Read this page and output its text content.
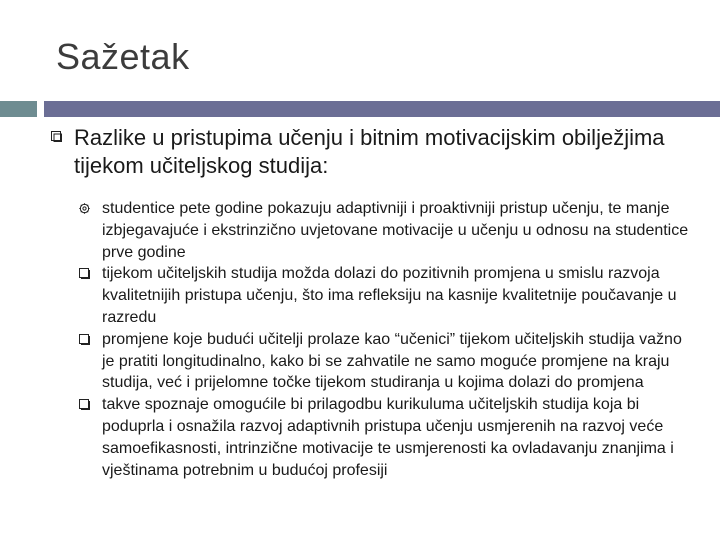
Sažetak
Razlike u pristupima učenju i bitnim motivacijskim obilježjima tijekom učiteljskog studija:
studentice pete godine pokazuju adaptivniji i proaktivniji pristup učenju, te manje izbjegavajuće i ekstrinzično uvjetovane motivacije u učenju u odnosu na studentice prve godine
tijekom učiteljskih studija možda dolazi do pozitivnih promjena u smislu razvoja kvalitetnijih pristupa učenju, što ima refleksiju na kasnije kvalitetnije poučavanje u razredu
promjene koje budući učitelji prolaze kao “učenici” tijekom učiteljskih studija važno je pratiti longitudinalno, kako bi se zahvatile ne samo moguće promjene na kraju studija, već i prijelomne točke tijekom studiranja u kojima dolazi do promjena
takve spoznaje omogućile bi prilagodbu kurikuluma učiteljskih studija koja bi poduprla i osnažila razvoj adaptivnih pristupa učenju usmjerenih na razvoj veće samoefikasnosti, intrinzične motivacije te usmjerenosti ka ovladavanju znanjima i vještinama potrebnim u budućoj profesiji
